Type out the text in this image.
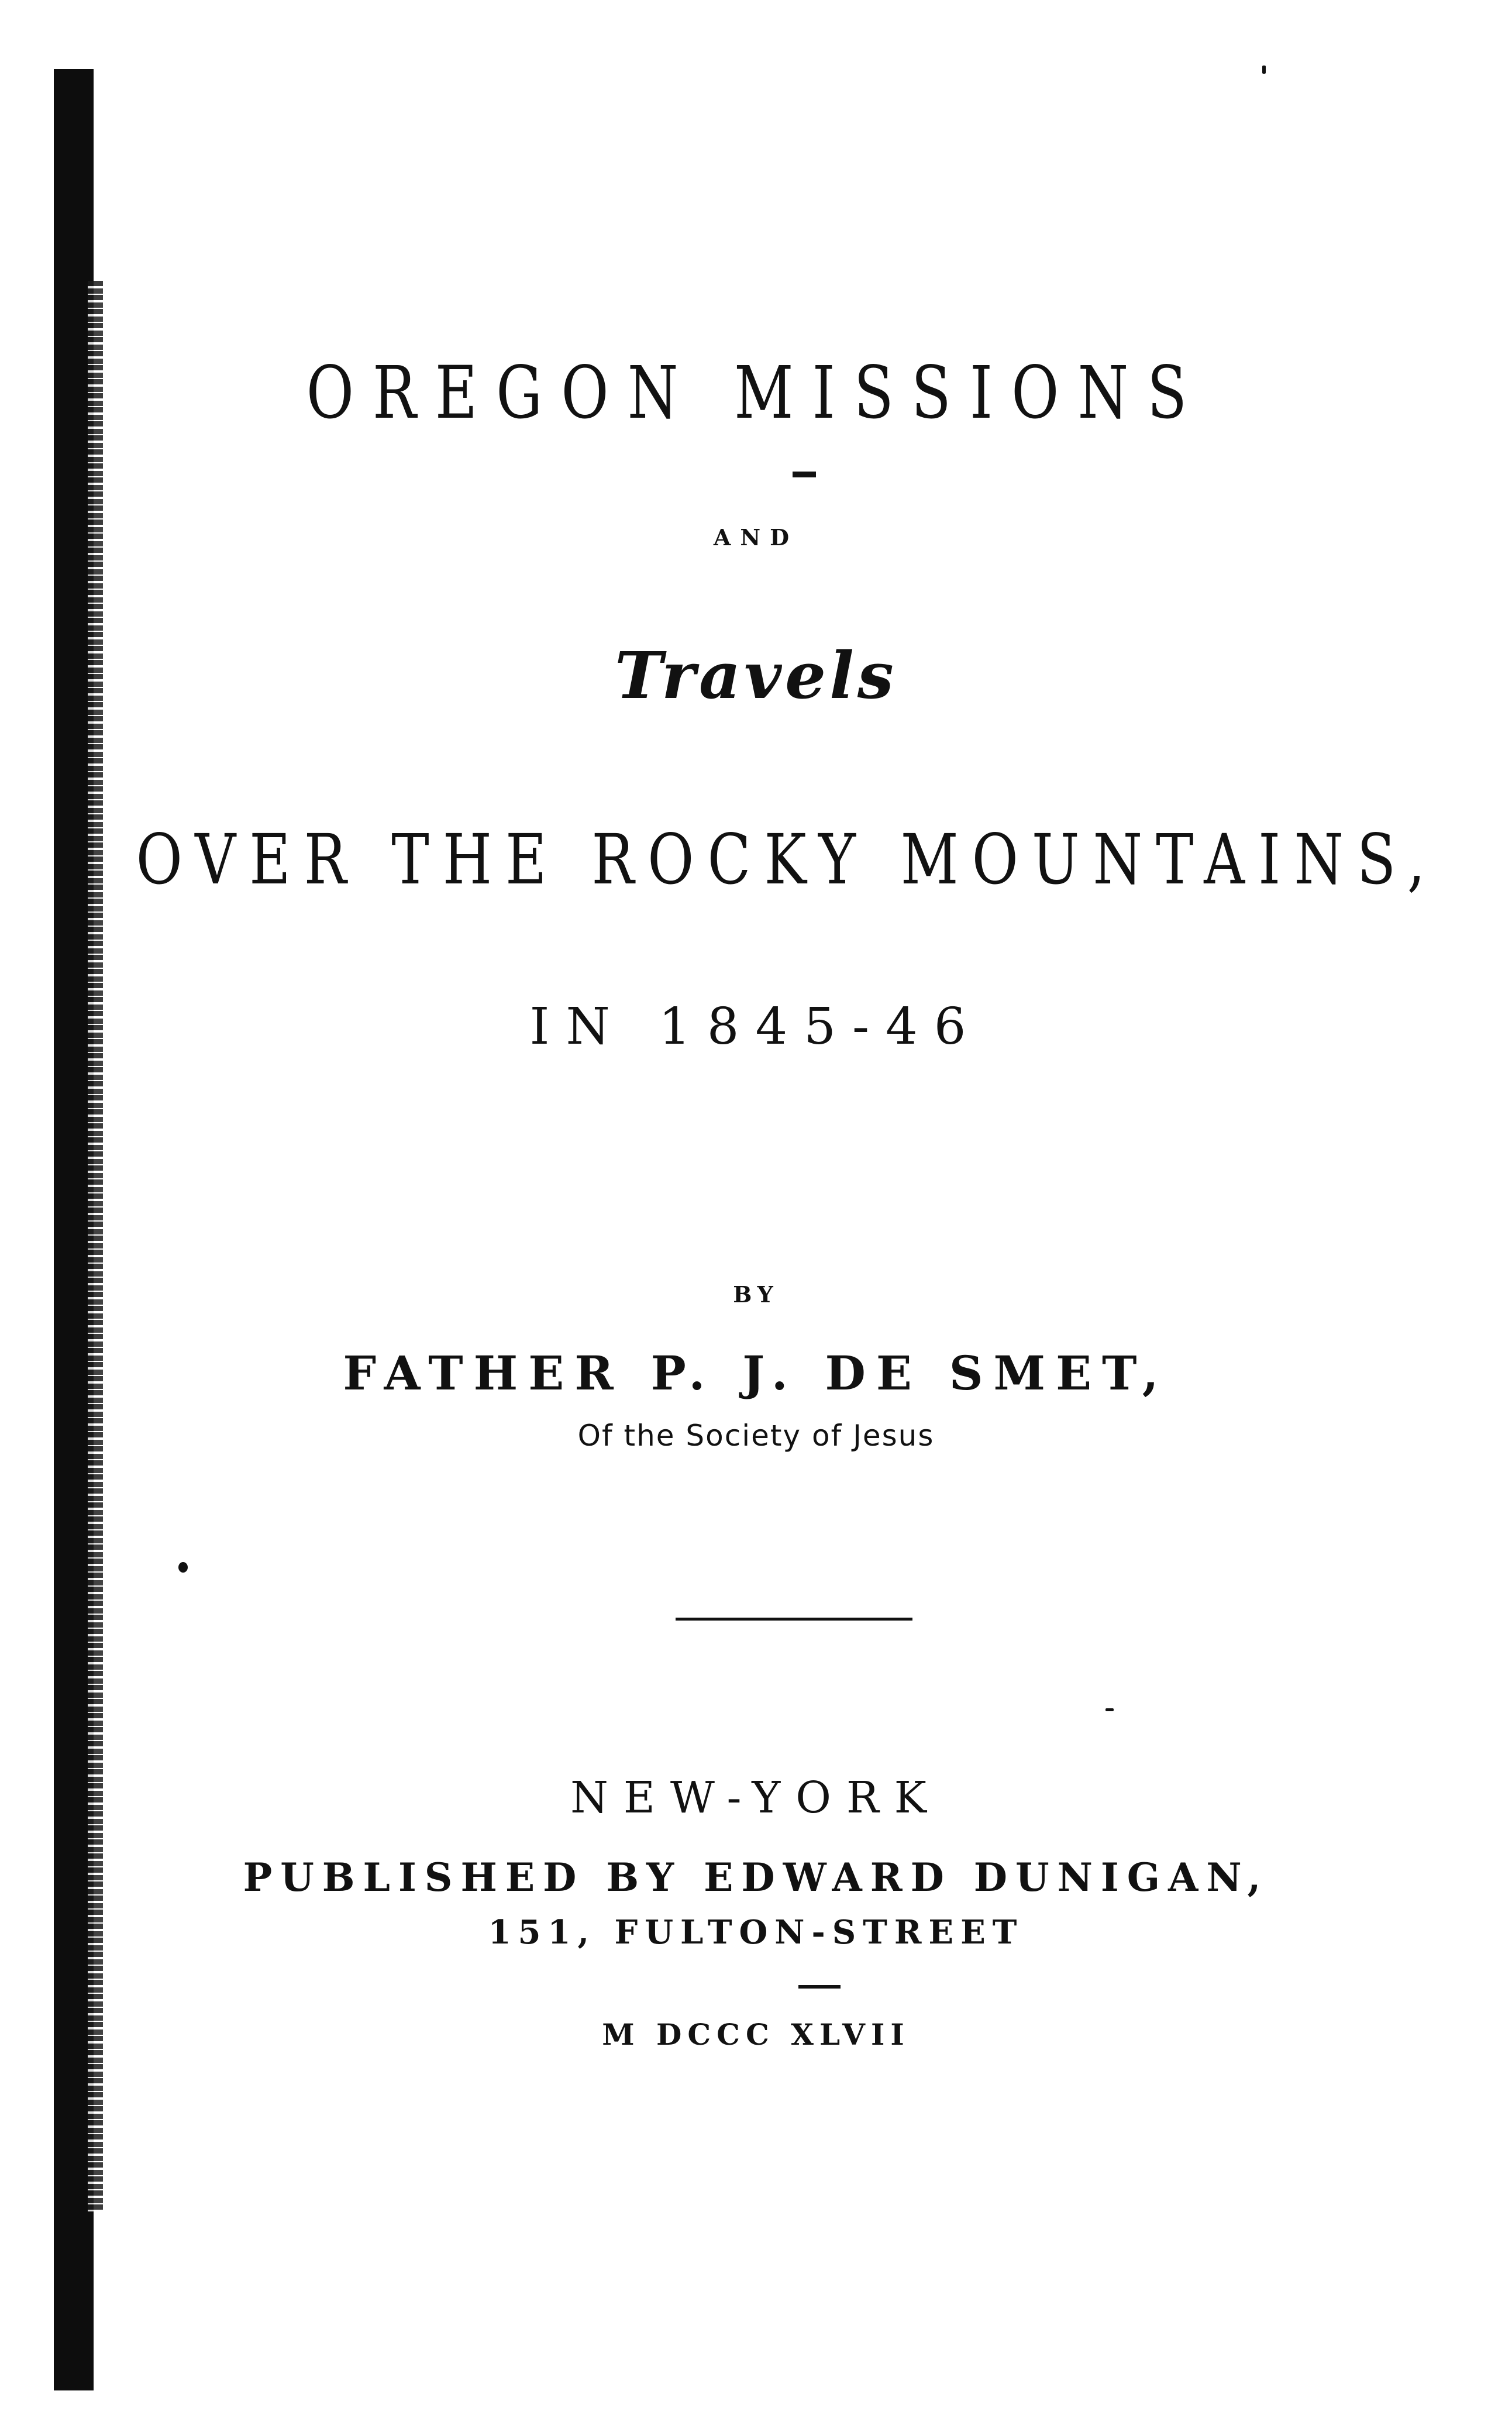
OREGON MISSIONS
AND
Travels
OVER THE ROCKY MOUNTAINS,
IN 1845-46
BY
FATHER P. J. DE SMET,
Of the Society of Jesus
NEW-YORK
PUBLISHED BY EDWARD DUNIGAN,
151, FULTON-STREET
M DCCC XLVII
